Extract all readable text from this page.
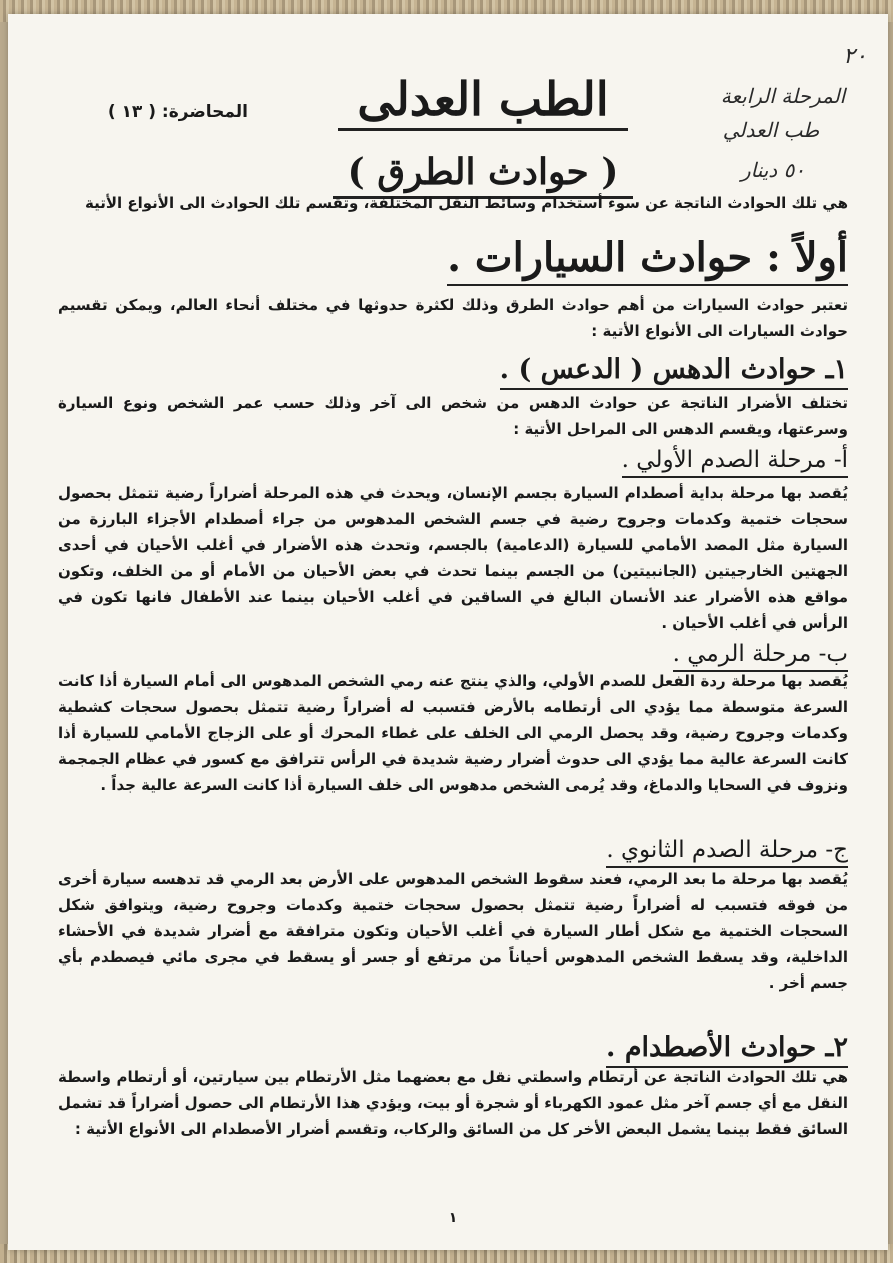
٢٠
المرحلة الرابعة
طب العدلي
٥٠ دينار
الطب العدلى
( حوادث الطرق )
المحاضرة: ( ١٣ )
هي تلك الحوادث الناتجة عن سوء أستخدام وسائط النقل المختلفة، وتقسم تلك الحوادث الى الأنواع الأتية
أولاً : حوادث السيارات .
تعتبر حوادث السيارات من أهم حوادث الطرق وذلك لكثرة حدوثها في مختلف أنحاء العالم، ويمكن تقسيم حوادث السيارات الى الأنواع الأتية :
١ـ حوادث الدهس ( الدعس ) .
تختلف الأضرار الناتجة عن حوادث الدهس من شخص الى آخر وذلك حسب عمر الشخص ونوع السيارة وسرعتها، ويقسم الدهس الى المراحل الأتية :
أ- مرحلة الصدم الأولي .
يُقصد بها مرحلة بداية أصطدام السيارة بجسم الإنسان، ويحدث في هذه المرحلة أضراراً رضية تتمثل بحصول سحجات ختمية وكدمات وجروح رضية في جسم الشخص المدهوس من جراء أصطدام الأجزاء البارزة من السيارة مثل المصد الأمامي للسيارة (الدعامية) بالجسم، وتحدث هذه الأضرار في أغلب الأحيان في أحدى الجهتين الخارجيتين (الجانبيتين) من الجسم بينما تحدث في بعض الأحيان من الأمام أو من الخلف، وتكون مواقع هذه الأضرار عند الأنسان البالغ في الساقين في أغلب الأحيان بينما عند الأطفال فانها تكون في الرأس في أغلب الأحيان .
ب- مرحلة الرمي .
يُقصد بها مرحلة ردة الفعل للصدم الأولي، والذي ينتج عنه رمي الشخص المدهوس الى أمام السيارة أذا كانت السرعة متوسطة مما يؤدي الى أرتطامه بالأرض فتسبب له أضراراً رضية تتمثل بحصول سحجات كشطية وكدمات وجروح رضية، وقد يحصل الرمي الى الخلف على غطاء المحرك أو على الزجاج الأمامي للسيارة أذا كانت السرعة عالية مما يؤدي الى حدوث أضرار رضية شديدة في الرأس تترافق مع كسور في عظام الجمجمة ونزوف في السحايا والدماغ، وقد يُرمى الشخص مدهوس الى خلف السيارة أذا كانت السرعة عالية جداً .
ج- مرحلة الصدم الثانوي .
يُقصد بها مرحلة ما بعد الرمي، فعند سقوط الشخص المدهوس على الأرض بعد الرمي قد تدهسه سيارة أخرى من فوقه فتسبب له أضراراً رضية تتمثل بحصول سحجات ختمية وكدمات وجروح رضية، ويتوافق شكل السحجات الختمية مع شكل أطار السيارة في أغلب الأحيان وتكون مترافقة مع أضرار شديدة في الأحشاء الداخلية، وقد يسقط الشخص المدهوس أحياناً من مرتفع أو جسر أو يسقط في مجرى مائي فيصطدم بأي جسم أخر .
٢ـ حوادث الأصطدام .
هي تلك الحوادث الناتجة عن أرتطام واسطتي نقل مع بعضهما مثل الأرتطام بين سيارتين، أو أرتطام واسطة النقل مع أي جسم آخر مثل عمود الكهرباء أو شجرة أو بيت، ويؤدي هذا الأرتطام الى حصول أضراراً قد تشمل السائق فقط بينما يشمل البعض الأخر كل من السائق والركاب، وتقسم أضرار الأصطدام الى الأنواع الأتية :
١
